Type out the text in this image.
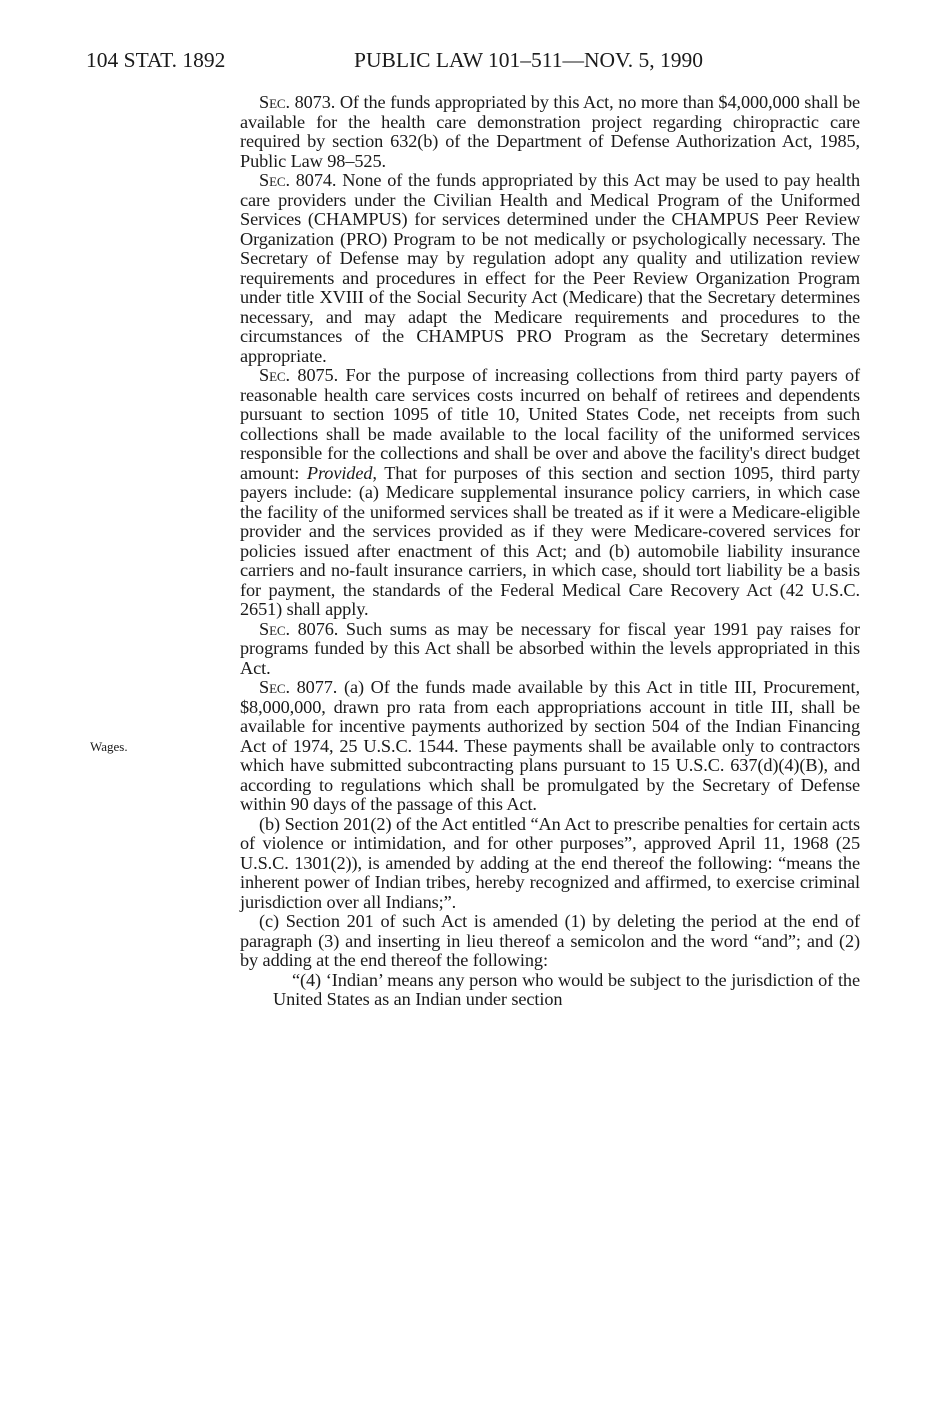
104 STAT. 1892	PUBLIC LAW 101–511—NOV. 5, 1990
Wages.

Sec. 8073. Of the funds appropriated by this Act, no more than $4,000,000 shall be available for the health care demonstration project regarding chiropractic care required by section 632(b) of the Department of Defense Authorization Act, 1985, Public Law 98–525.

Sec. 8074. None of the funds appropriated by this Act may be used to pay health care providers under the Civilian Health and Medical Program of the Uniformed Services (CHAMPUS) for services determined under the CHAMPUS Peer Review Organization (PRO) Program to be not medically or psychologically necessary. The Secretary of Defense may by regulation adopt any quality and utilization review requirements and procedures in effect for the Peer Review Organization Program under title XVIII of the Social Security Act (Medicare) that the Secretary determines necessary, and may adapt the Medicare requirements and procedures to the circumstances of the CHAMPUS PRO Program as the Secretary determines appropriate.

Sec. 8075. For the purpose of increasing collections from third party payers of reasonable health care services costs incurred on behalf of retirees and dependents pursuant to section 1095 of title 10, United States Code, net receipts from such collections shall be made available to the local facility of the uniformed services responsible for the collections and shall be over and above the facility's direct budget amount: Provided, That for purposes of this section and section 1095, third party payers include: (a) Medicare supplemental insurance policy carriers, in which case the facility of the uniformed services shall be treated as if it were a Medicare-eligible provider and the services provided as if they were Medicare-covered services for policies issued after enactment of this Act; and (b) automobile liability insurance carriers and no-fault insurance carriers, in which case, should tort liability be a basis for payment, the standards of the Federal Medical Care Recovery Act (42 U.S.C. 2651) shall apply.

Sec. 8076. Such sums as may be necessary for fiscal year 1991 pay raises for programs funded by this Act shall be absorbed within the levels appropriated in this Act.

Sec. 8077. (a) Of the funds made available by this Act in title III, Procurement, $8,000,000, drawn pro rata from each appropriations account in title III, shall be available for incentive payments authorized by section 504 of the Indian Financing Act of 1974, 25 U.S.C. 1544. These payments shall be available only to contractors which have submitted subcontracting plans pursuant to 15 U.S.C. 637(d)(4)(B), and according to regulations which shall be promulgated by the Secretary of Defense within 90 days of the passage of this Act.

(b) Section 201(2) of the Act entitled “An Act to prescribe penalties for certain acts of violence or intimidation, and for other purposes”, approved April 11, 1968 (25 U.S.C. 1301(2)), is amended by adding at the end thereof the following: “means the inherent power of Indian tribes, hereby recognized and affirmed, to exercise criminal jurisdiction over all Indians;”.

(c) Section 201 of such Act is amended (1) by deleting the period at the end of paragraph (3) and inserting in lieu thereof a semicolon and the word “and”; and (2) by adding at the end thereof the following:

“(4) ‘Indian’ means any person who would be subject to the jurisdiction of the United States as an Indian under section
